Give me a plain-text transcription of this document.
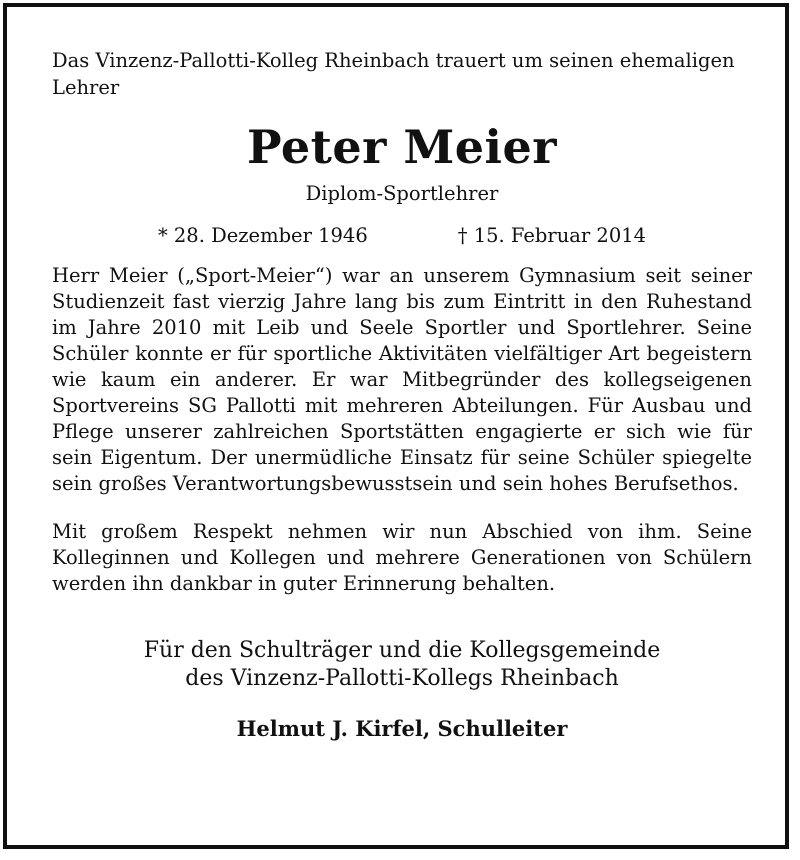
Das Vinzenz-Pallotti-Kolleg Rheinbach trauert um seinen ehemaligen Lehrer

Peter Meier
Diplom-Sportlehrer
* 28. Dezember 1946	† 15. Februar 2014

Herr Meier („Sport-Meier“) war an unserem Gymnasium seit seiner Studienzeit fast vierzig Jahre lang bis zum Eintritt in den Ruhestand im Jahre 2010 mit Leib und Seele Sportler und Sportlehrer. Seine Schüler konnte er für sportliche Aktivitäten vielfältiger Art begeistern wie kaum ein anderer. Er war Mitbegründer des kollegseigenen Sportvereins SG Pallotti mit mehreren Abteilungen. Für Ausbau und Pflege unserer zahlreichen Sportstätten engagierte er sich wie für sein Eigentum. Der unermüdliche Einsatz für seine Schüler spiegelte sein großes Verantwortungsbewusstsein und sein hohes Berufsethos.

Mit großem Respekt nehmen wir nun Abschied von ihm. Seine Kolleginnen und Kollegen und mehrere Generationen von Schülern werden ihn dankbar in guter Erinnerung behalten.

Für den Schulträger und die Kollegsgemeinde
des Vinzenz-Pallotti-Kollegs Rheinbach
Helmut J. Kirfel, Schulleiter
